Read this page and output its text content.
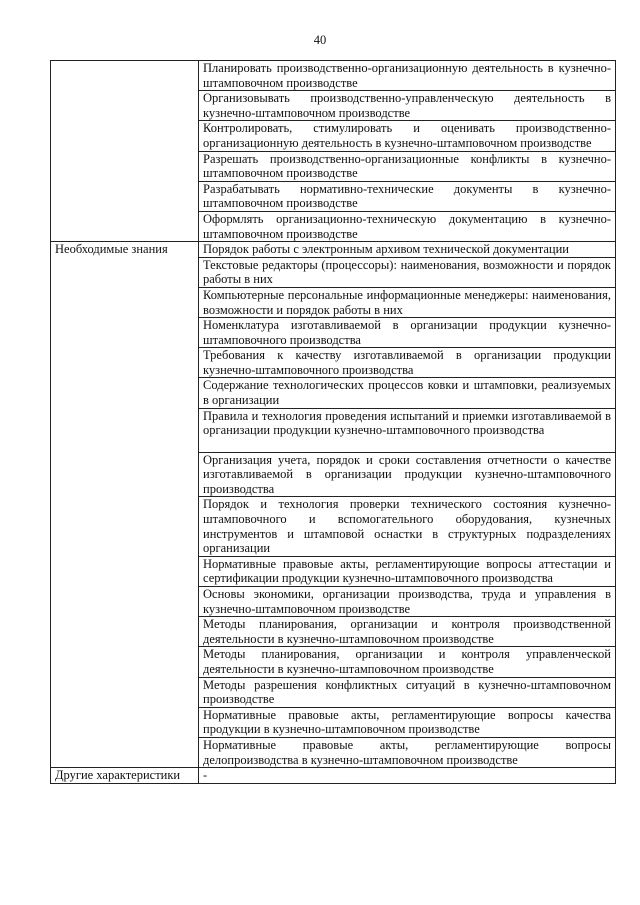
40
	Планировать производственно-организационную деятельность в кузнечно-штамповочном производстве
	Организовывать производственно-управленческую деятельность в кузнечно-штамповочном производстве
	Контролировать, стимулировать и оценивать производственно-организационную деятельность в кузнечно-штамповочном производстве
	Разрешать производственно-организационные конфликты в кузнечно-штамповочном производстве
	Разрабатывать нормативно-технические документы в кузнечно-штамповочном производстве
	Оформлять организационно-техническую документацию в кузнечно-штамповочном производстве
Необходимые знания	Порядок работы с электронным архивом технической документации
	Текстовые редакторы (процессоры): наименования, возможности и порядок работы в них
	Компьютерные персональные информационные менеджеры: наименования, возможности и порядок работы в них
	Номенклатура изготавливаемой в организации продукции кузнечно-штамповочного производства
	Требования к качеству изготавливаемой в организации продукции кузнечно-штамповочного производства
	Содержание технологических процессов ковки и штамповки, реализуемых в организации
	Правила и технология проведения испытаний и приемки изготавливаемой в организации продукции кузнечно-штамповочного производства
	Организация учета, порядок и сроки составления отчетности о качестве изготавливаемой в организации продукции кузнечно-штамповочного производства
	Порядок и технология проверки технического состояния кузнечно-штамповочного и вспомогательного оборудования, кузнечных инструментов и штамповой оснастки в структурных подразделениях организации
	Нормативные правовые акты, регламентирующие вопросы аттестации и сертификации продукции кузнечно-штамповочного производства
	Основы экономики, организации производства, труда и управления в кузнечно-штамповочном производстве
	Методы планирования, организации и контроля производственной деятельности в кузнечно-штамповочном производстве
	Методы планирования, организации и контроля управленческой деятельности в кузнечно-штамповочном производстве
	Методы разрешения конфликтных ситуаций в кузнечно-штамповочном производстве
	Нормативные правовые акты, регламентирующие вопросы качества продукции в кузнечно-штамповочном производстве
	Нормативные правовые акты, регламентирующие вопросы делопроизводства в кузнечно-штамповочном производстве
Другие характеристики	-
